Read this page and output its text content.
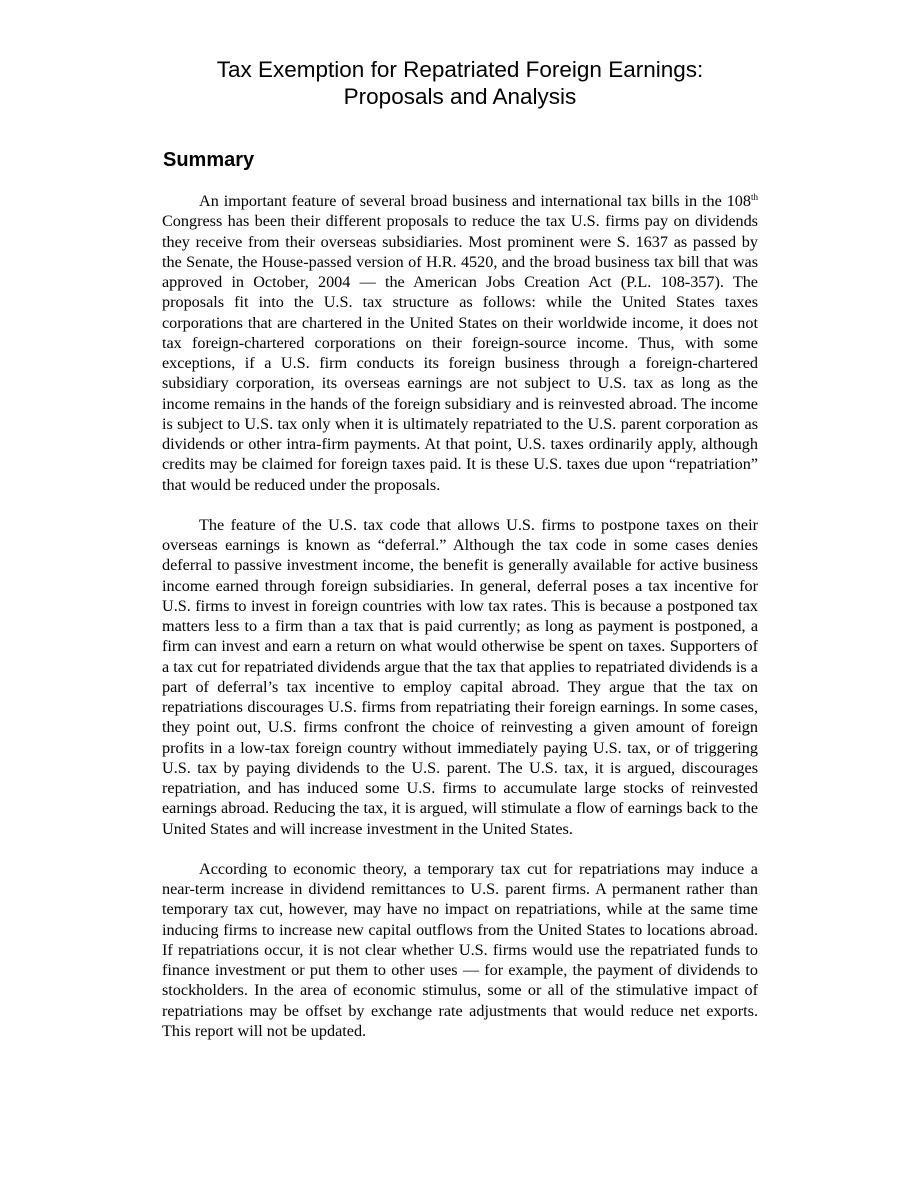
Tax Exemption for Repatriated Foreign Earnings:
Proposals and Analysis
Summary

An important feature of several broad business and international tax bills in the 108th Congress has been their different proposals to reduce the tax U.S. firms pay on dividends they receive from their overseas subsidiaries. Most prominent were S. 1637 as passed by the Senate, the House-passed version of H.R. 4520, and the broad business tax bill that was approved in October, 2004 — the American Jobs Creation Act (P.L. 108-357). The proposals fit into the U.S. tax structure as follows: while the United States taxes corporations that are chartered in the United States on their worldwide income, it does not tax foreign-chartered corporations on their foreign-source income. Thus, with some exceptions, if a U.S. firm conducts its foreign business through a foreign-chartered subsidiary corporation, its overseas earnings are not subject to U.S. tax as long as the income remains in the hands of the foreign subsidiary and is reinvested abroad. The income is subject to U.S. tax only when it is ultimately repatriated to the U.S. parent corporation as dividends or other intra-firm payments. At that point, U.S. taxes ordinarily apply, although credits may be claimed for foreign taxes paid. It is these U.S. taxes due upon “repatriation” that would be reduced under the proposals.

The feature of the U.S. tax code that allows U.S. firms to postpone taxes on their overseas earnings is known as “deferral.” Although the tax code in some cases denies deferral to passive investment income, the benefit is generally available for active business income earned through foreign subsidiaries. In general, deferral poses a tax incentive for U.S. firms to invest in foreign countries with low tax rates. This is because a postponed tax matters less to a firm than a tax that is paid currently; as long as payment is postponed, a firm can invest and earn a return on what would otherwise be spent on taxes. Supporters of a tax cut for repatriated dividends argue that the tax that applies to repatriated dividends is a part of deferral’s tax incentive to employ capital abroad. They argue that the tax on repatriations discourages U.S. firms from repatriating their foreign earnings. In some cases, they point out, U.S. firms confront the choice of reinvesting a given amount of foreign profits in a low-tax foreign country without immediately paying U.S. tax, or of triggering U.S. tax by paying dividends to the U.S. parent. The U.S. tax, it is argued, discourages repatriation, and has induced some U.S. firms to accumulate large stocks of reinvested earnings abroad. Reducing the tax, it is argued, will stimulate a flow of earnings back to the United States and will increase investment in the United States.

According to economic theory, a temporary tax cut for repatriations may induce a near-term increase in dividend remittances to U.S. parent firms. A permanent rather than temporary tax cut, however, may have no impact on repatriations, while at the same time inducing firms to increase new capital outflows from the United States to locations abroad. If repatriations occur, it is not clear whether U.S. firms would use the repatriated funds to finance investment or put them to other uses — for example, the payment of dividends to stockholders. In the area of economic stimulus, some or all of the stimulative impact of repatriations may be offset by exchange rate adjustments that would reduce net exports. This report will not be updated.
